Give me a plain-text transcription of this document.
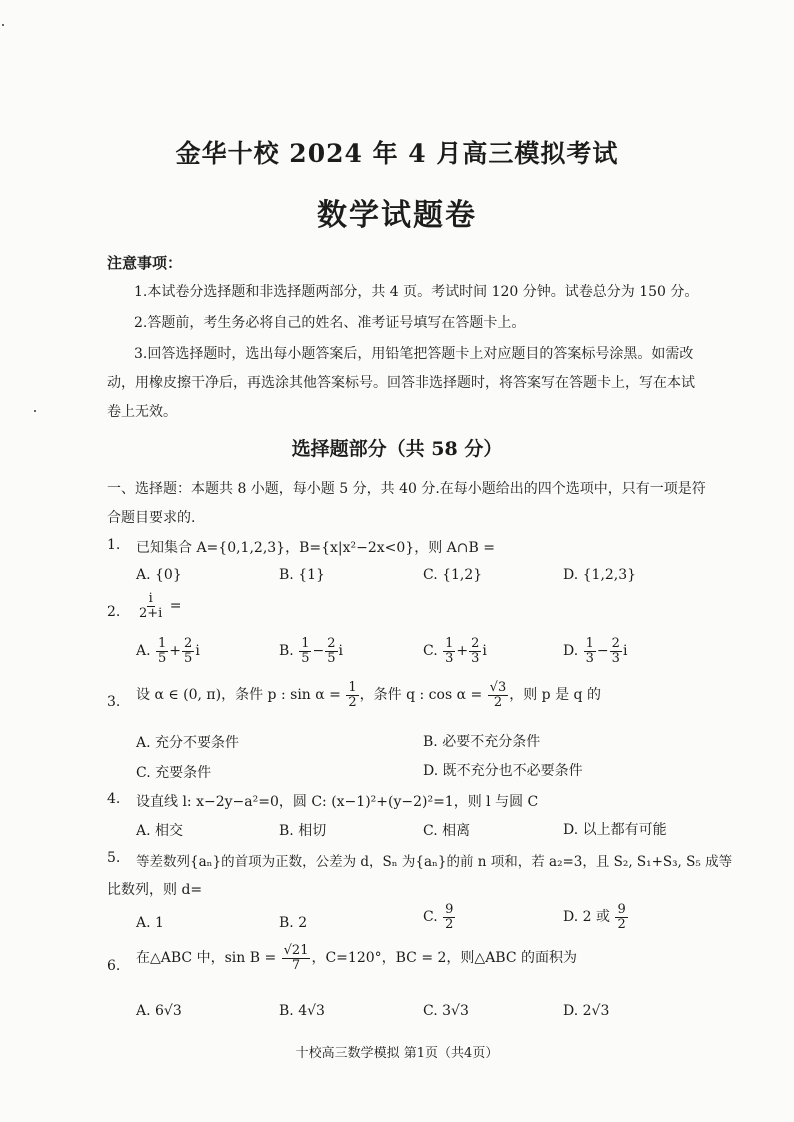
金华十校 2024 年 4 月高三模拟考试
数学试题卷
注意事项：
1.本试卷分选择题和非选择题两部分，共 4 页。考试时间 120 分钟。试卷总分为 150 分。
2.答题前，考生务必将自己的姓名、准考证号填写在答题卡上。
3.回答选择题时，选出每小题答案后，用铅笔把答题卡上对应题目的答案标号涂黑。如需改
动，用橡皮擦干净后，再选涂其他答案标号。回答非选择题时，将答案写在答题卡上，写在本试
卷上无效。
选择题部分（共 58 分）
一、选择题：本题共 8 小题，每小题 5 分，共 40 分.在每小题给出的四个选项中，只有一项是符
合题目要求的.
1. 已知集合 A={0,1,2,3}，B={x|x²−2x<0}，则 A∩B =
A. {0}	B. {1}	C. {1,2}	D. {1,2,3}
2. $\frac{i}{2+i}$ =
A. $\frac{1}{5} + \frac{2}{5}$ i	B. $\frac{1}{5} - \frac{2}{5}$ i	C. $\frac{1}{3} + \frac{2}{3}$ i	D. $\frac{1}{3} - \frac{2}{3}$ i
3. 设 α ∈ (0, π)，条件 p : $\sin \alpha = \frac{1}{2}$ ，条件 q : $\cos \alpha = \frac{√3}{2}$ ，则 p 是 q 的
A. 充分不要条件	B. 必要不充分条件
C. 充要条件	D. 既不充分也不必要条件
4. 设直线 l: x−2y−a²=0，圆 C: (x−1)²+(y−2)²=1，则 l 与圆 C
A. 相交	B. 相切	C. 相离	D. 以上都有可能
5. 等差数列{aₙ}的首项为正数，公差为 d，Sₙ 为{aₙ}的前 n 项和，若 a₂=3，且 S₂, S₁+S₃, S₅ 成等
比数列，则 d=
A. 1	B. 2	C. $\frac{9}{2}$	D. 2 或 $\frac{9}{2}$
6. 在△ABC 中，$\sin B = \frac{√21}{7}$ ，C=120°，BC = 2，则△ABC 的面积为
A. 6√3	B. 4√3	C. 3√3	D. 2√3
十校高三数学模拟 第1页（共4页）
